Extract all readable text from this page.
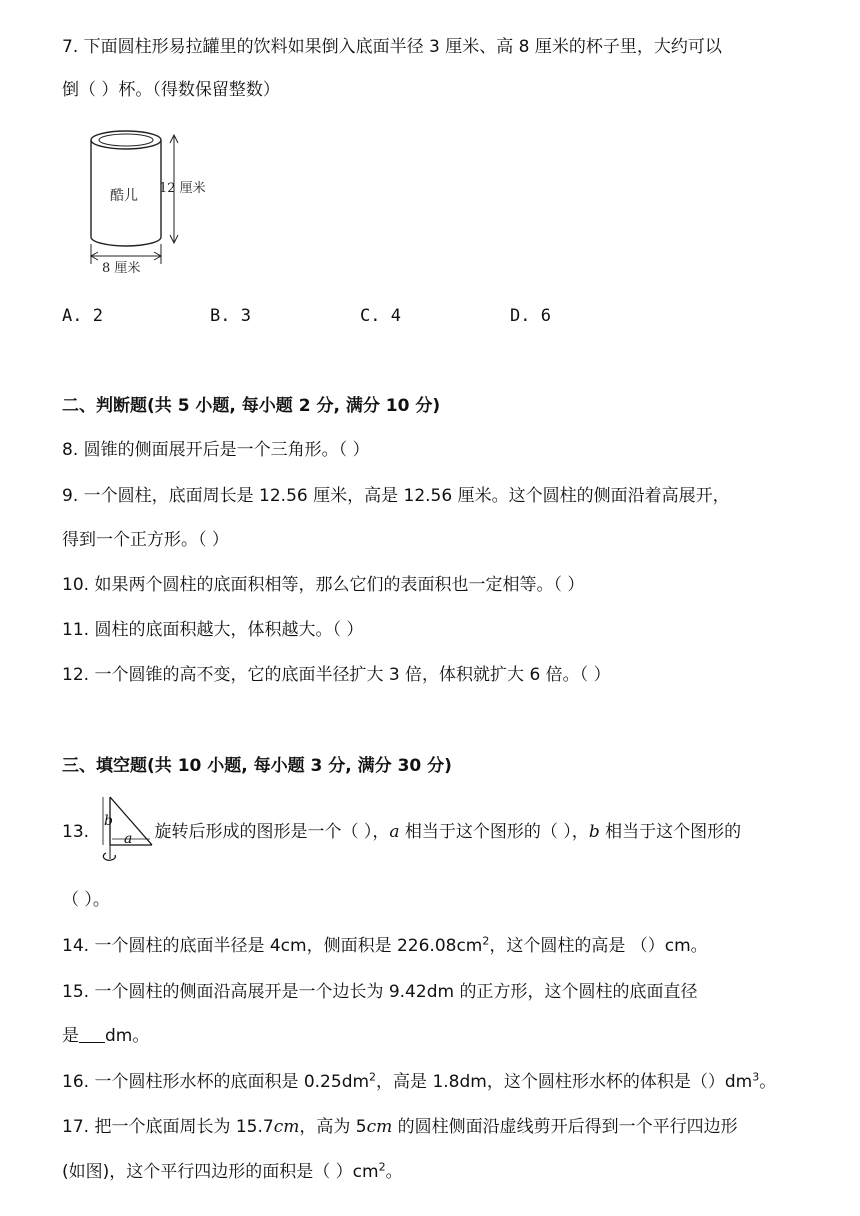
7. 下面圆柱形易拉罐里的饮料如果倒入底面半径 3 厘米、高 8 厘米的杯子里，大约可以
倒（ ）杯。（得数保留整数）
酷儿 12 厘米
8 厘米
A. 2	B. 3	C. 4	D. 6
二、判断题(共 5 小题, 每小题 2 分, 满分 10 分)
8. 圆锥的侧面展开后是一个三角形。（ ）
9. 一个圆柱，底面周长是 12.56 厘米，高是 12.56 厘米。这个圆柱的侧面沿着高展开，
得到一个正方形。（ ）
10. 如果两个圆柱的底面积相等，那么它们的表面积也一定相等。（ ）
11. 圆柱的底面积越大，体积越大。（ ）
12. 一个圆锥的高不变，它的底面半径扩大 3 倍，体积就扩大 6 倍。（ ）
三、填空题(共 10 小题, 每小题 3 分, 满分 30 分)
13.
b
a 旋转后形成的图形是一个（ ），a 相当于这个图形的（ ），b 相当于这个图形的
（ ）。
14. 一个圆柱的底面半径是 4cm，侧面积是 $226.08cm^2$，这个圆柱的高是 （）cm。
15. 一个圆柱的侧面沿高展开是一个边长为 9.42dm 的正方形，这个圆柱的底面直径
是 dm。
16. 一个圆柱形水杯的底面积是 $0.25dm^2$，高是 1.8dm，这个圆柱形水杯的体积是$()dm^3$。
17. 把一个底面周长为 15.7cm，高为 5cm 的圆柱侧面沿虚线剪开后得到一个平行四边形
(如图)，这个平行四边形的面积是（ ）$cm^2$。
